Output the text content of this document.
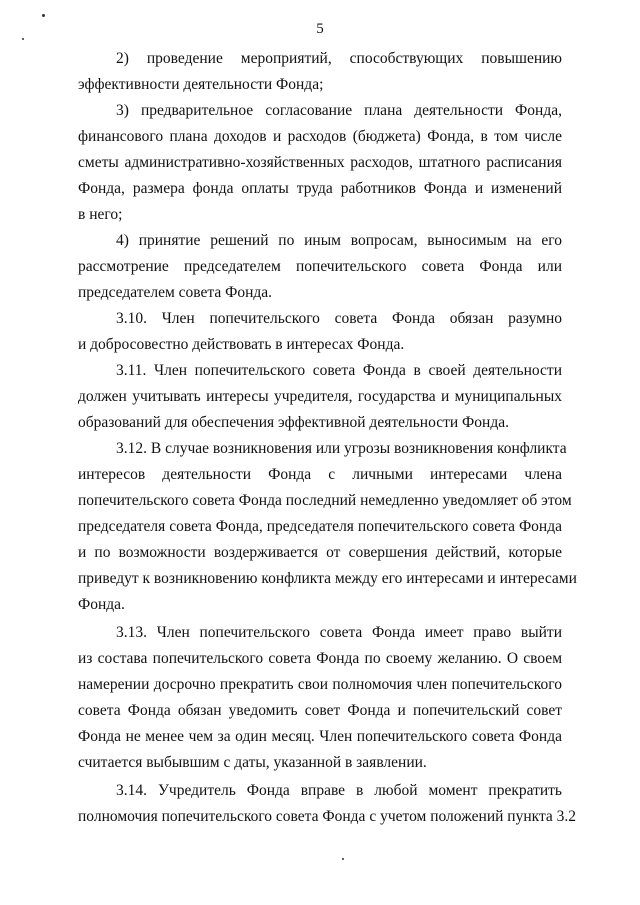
5
2) проведение мероприятий, способствующих повышению
эффективности деятельности Фонда;
3) предварительное согласование плана деятельности Фонда,
финансового плана доходов и расходов (бюджета) Фонда, в том числе
сметы административно-хозяйственных расходов, штатного расписания
Фонда, размера фонда оплаты труда работников Фонда и изменений
в него;
4) принятие решений по иным вопросам, выносимым на его
рассмотрение председателем попечительского совета Фонда или
председателем совета Фонда.
3.10. Член попечительского совета Фонда обязан разумно
и добросовестно действовать в интересах Фонда.
3.11. Член попечительского совета Фонда в своей деятельности
должен учитывать интересы учредителя, государства и муниципальных
образований для обеспечения эффективной деятельности Фонда.
3.12. В случае возникновения или угрозы возникновения конфликта
интересов деятельности Фонда с личными интересами члена
попечительского совета Фонда последний немедленно уведомляет об этом
председателя совета Фонда, председателя попечительского совета Фонда
и по возможности воздерживается от совершения действий, которые
приведут к возникновению конфликта между его интересами и интересами
Фонда.
3.13. Член попечительского совета Фонда имеет право выйти
из состава попечительского совета Фонда по своему желанию. О своем
намерении досрочно прекратить свои полномочия член попечительского
совета Фонда обязан уведомить совет Фонда и попечительский совет
Фонда не менее чем за один месяц. Член попечительского совета Фонда
считается выбывшим с даты, указанной в заявлении.
3.14. Учредитель Фонда вправе в любой момент прекратить
полномочия попечительского совета Фонда с учетом положений пункта 3.2
